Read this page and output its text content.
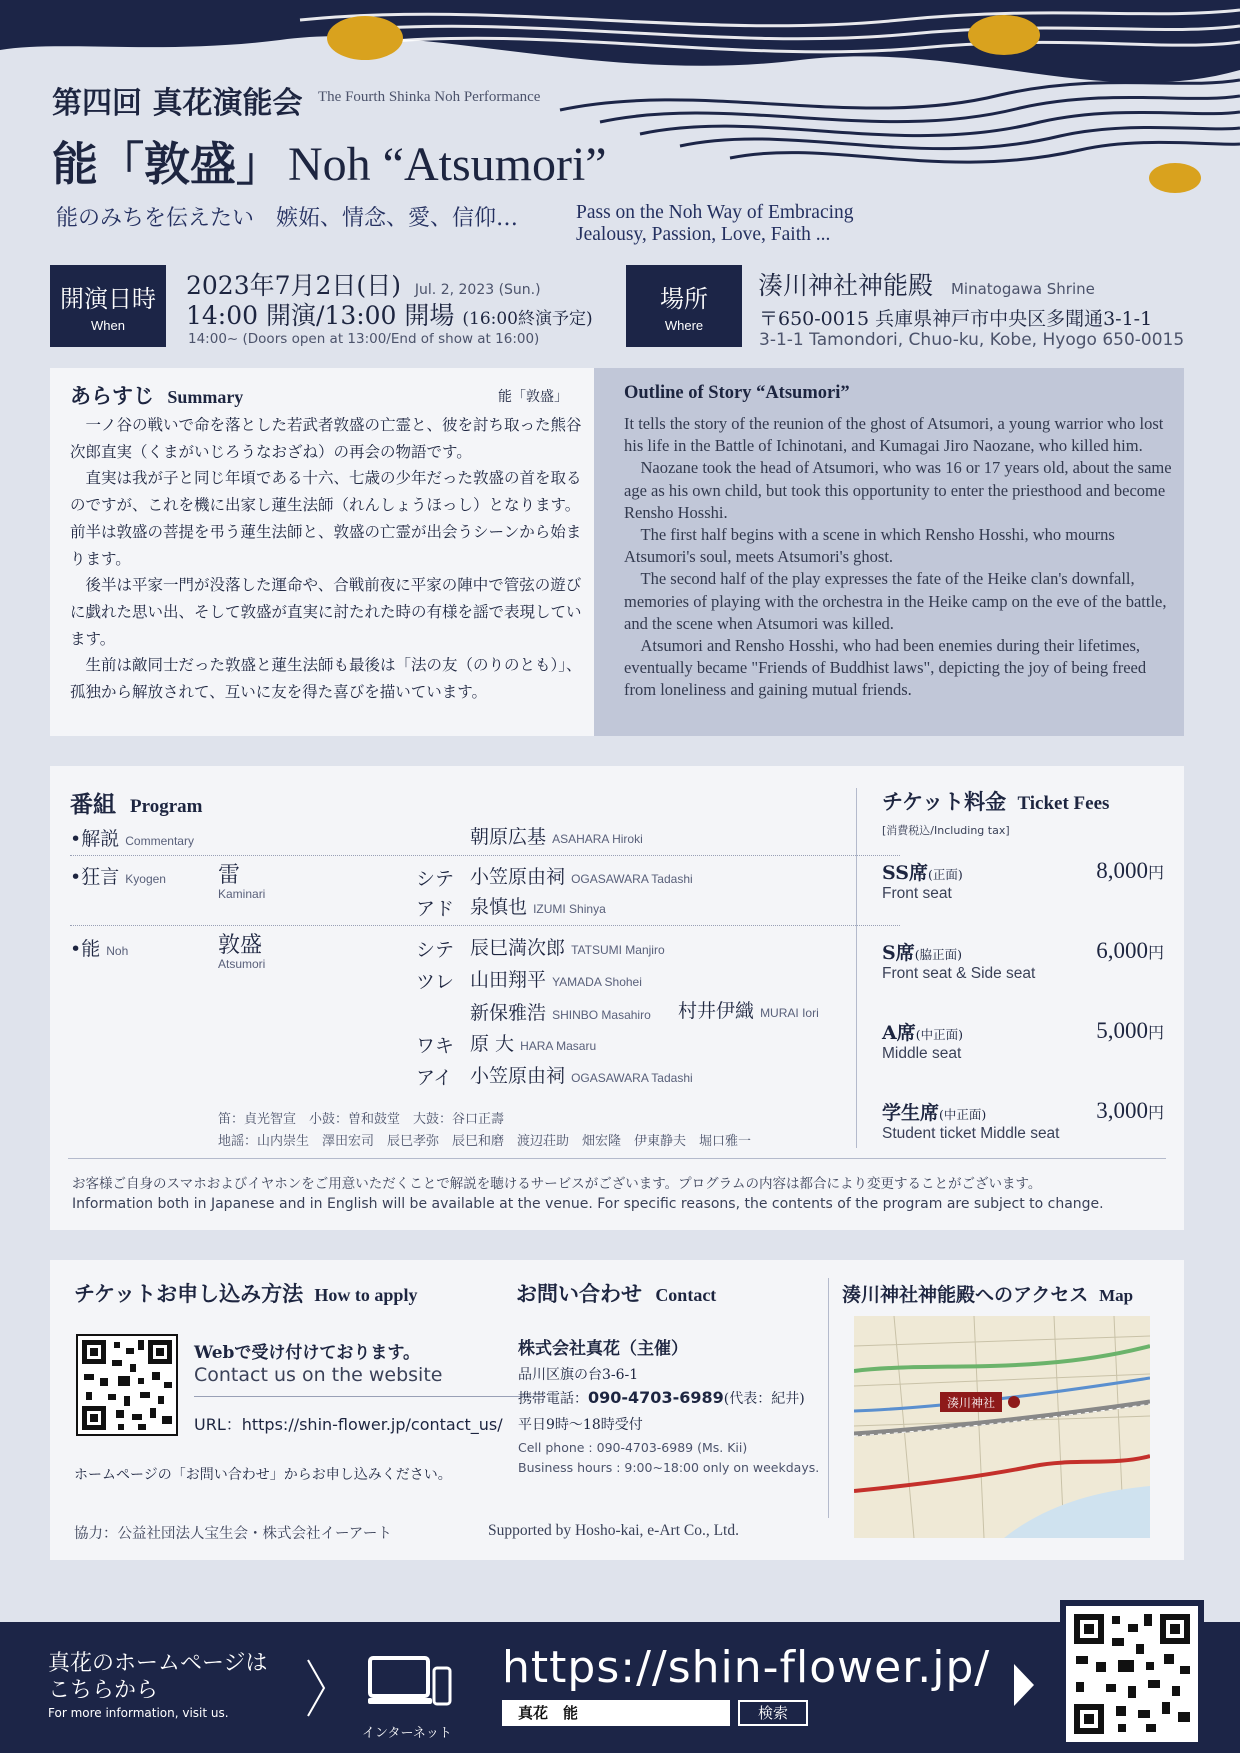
第四回 真花演能会 The Fourth Shinka Noh Performance
能「敦盛」 Noh “Atsumori”
能のみちを伝えたい　嫉妬、情念、愛、信仰…	Pass on the Noh Way of Embracing
Jealousy, Passion, Love, Faith ...
開演日時
When
2023年7月2日(日) Jul. 2, 2023 (Sun.)
14:00 開演/13:00 開場 (16:00終演予定)
14:00~ (Doors open at 13:00/End of show at 16:00)
場所
Where
湊川神社神能殿 Minatogawa Shrine
〒650-0015 兵庫県神戸市中央区多聞通3-1-1
3-1-1 Tamondori, Chuo-ku, Kobe, Hyogo 650-0015
あらすじ Summary	能「敦盛」

一ノ谷の戦いで命を落とした若武者敦盛の亡霊と、彼を討ち取った熊谷次郎直実（くまがいじろうなおざね）の再会の物語です。

直実は我が子と同じ年頃である十六、七歳の少年だった敦盛の首を取るのですが、これを機に出家し蓮生法師（れんしょうほっし）となります。前半は敦盛の菩提を弔う蓮生法師と、敦盛の亡霊が出会うシーンから始まります。

後半は平家一門が没落した運命や、合戦前夜に平家の陣中で管弦の遊びに戯れた思い出、そして敦盛が直実に討たれた時の有様を謡で表現しています。

生前は敵同士だった敦盛と蓮生法師も最後は「法の友（のりのとも）」、孤独から解放されて、互いに友を得た喜びを描いています。

Outline of Story “Atsumori”

It tells the story of the reunion of the ghost of Atsumori, a young warrior who lost his life in the Battle of Ichinotani, and Kumagai Jiro Naozane, who killed him.

Naozane took the head of Atsumori, who was 16 or 17 years old, about the same age as his own child, but took this opportunity to enter the priesthood and become Rensho Hosshi.

The first half begins with a scene in which Rensho Hosshi, who mourns Atsumori's soul, meets Atsumori's ghost.

The second half of the play expresses the fate of the Heike clan's downfall, memories of playing with the orchestra in the Heike camp on the eve of the battle, and the scene when Atsumori was killed.

Atsumori and Rensho Hosshi, who had been enemies during their lifetimes, eventually became "Friends of Buddhist laws", depicting the joy of being freed from loneliness and gaining mutual friends.

番組 Program
•解説 Commentary	朝原広基 ASAHARA Hiroki
•狂言 Kyogen 雷
Kaminari
シテ 小笠原由祠 OGASAWARA Tadashi
アド 泉慎也 IZUMI Shinya
•能 Noh	敦盛
Atsumori
シテ 辰巳満次郎 TATSUMI Manjiro
ツレ 山田翔平 YAMADA Shohei
新保雅浩 SHINBO Masahiro 村井伊織 MURAI Iori
ワキ 原 大 HARA Masaru
アイ 小笠原由祠 OGASAWARA Tadashi
笛：貞光智宣　小鼓：曽和鼓堂　大鼓：谷口正壽
地謡：山内崇生　澤田宏司　辰巳孝弥　辰巳和磨　渡辺荘助　畑宏隆　伊東静夫　堀口雅一
チケット料金 Ticket Fees
[消費税込/Including tax]
SS席(正面)
Front seat
8,000円
S席(脇正面)
Front seat & Side seat
6,000円
A席(中正面)
Middle seat
5,000円
学生席(中正面)
Student ticket Middle seat
3,000円
お客様ご自身のスマホおよびイヤホンをご用意いただくことで解説を聴けるサービスがございます。プログラムの内容は都合により変更することがございます。
Information both in Japanese and in English will be available at the venue. For specific reasons, the contents of the program are subject to change.
チケットお申し込み方法 How to apply
Webで受け付けております。
Contact us on the website
URL：https://shin-flower.jp/contact_us/
ホームページの「お問い合わせ」からお申し込みください。
お問い合わせ Contact
株式会社真花（主催）
品川区旗の台3-6-1
携帯電話：090-4703-6989(代表：紀井)
平日9時〜18時受付
Cell phone : 090-4703-6989 (Ms. Kii)
Business hours : 9:00~18:00 only on weekdays.
湊川神社神能殿へのアクセス Map
湊川神社
協力：公益社団法人宝生会・株式会社イーアート	Supported by Hosho-kai, e-Art Co., Ltd.
真花のホームページは
こちらから
For more information, visit us.
インターネット
https://shin-flower.jp/
真花　能	検索
